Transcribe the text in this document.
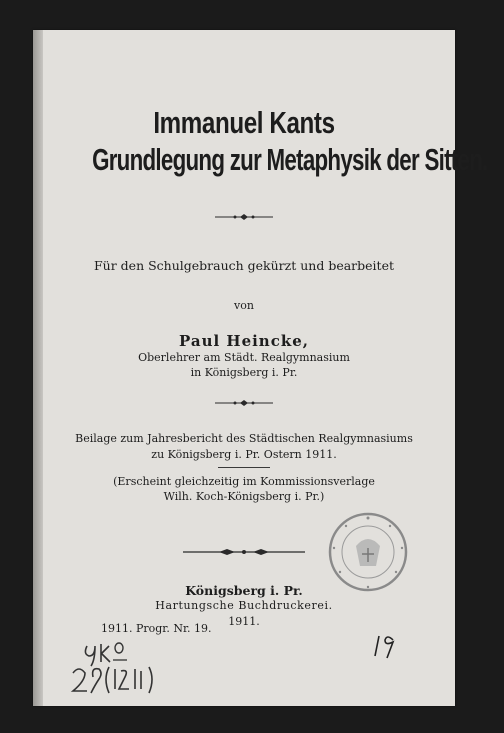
Immanuel Kants
Grundlegung zur Metaphysik der Sitten.
Für den Schulgebrauch gekürzt und bearbeitet
von
Paul Heincke,
Oberlehrer am Städt. Realgymnasium
in Königsberg i. Pr.
Beilage zum Jahresbericht des Städtischen Realgymnasiums
zu Königsberg i. Pr. Ostern 1911.
(Erscheint gleichzeitig im Kommissionsverlage
Wilh. Koch-Königsberg i. Pr.)
Königsberg i. Pr.
Hartungsche Buchdruckerei.
1911.
1911. Progr. Nr. 19.
